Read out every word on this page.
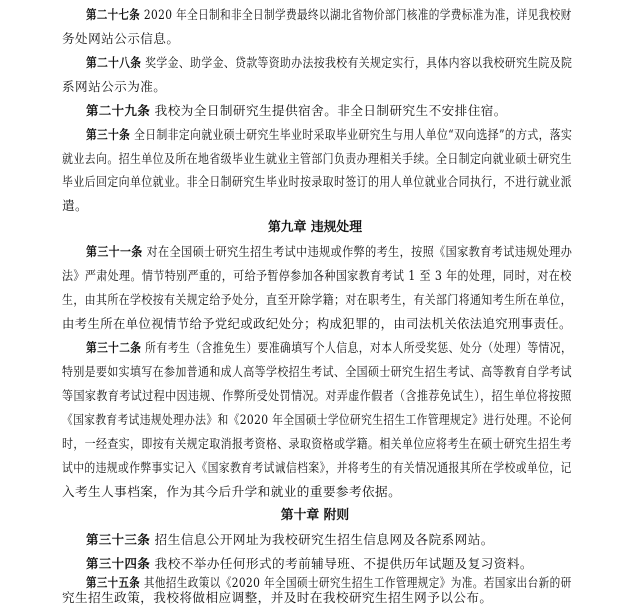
第二十七条 2020 年全日制和非全日制学费最终以湖北省物价部门核准的学费标准为准，详见我校财
务处网站公示信息。
第二十八条 奖学金、助学金、贷款等资助办法按我校有关规定实行，具体内容以我校研究生院及院
系网站公示为准。
第二十九条 我校为全日制研究生提供宿舍。非全日制研究生不安排住宿。
第三十条 全日制非定向就业硕士研究生毕业时采取毕业研究生与用人单位“双向选择”的方式，落实
就业去向。招生单位及所在地省级毕业生就业主管部门负责办理相关手续。全日制定向就业硕士研究生
毕业后回定向单位就业。非全日制研究生毕业时按录取时签订的用人单位就业合同执行，不进行就业派
遣。
第九章 违规处理
第三十一条 对在全国硕士研究生招生考试中违规或作弊的考生，按照《国家教育考试违规处理办
法》严肃处理。情节特别严重的，可给予暂停参加各种国家教育考试 1 至 3 年的处理，同时，对在校
生，由其所在学校按有关规定给予处分，直至开除学籍；对在职考生，有关部门将通知考生所在单位，
由考生所在单位视情节给予党纪或政纪处分；构成犯罪的，由司法机关依法追究刑事责任。
第三十二条 所有考生（含推免生）要准确填写个人信息，对本人所受奖惩、处分（处理）等情况，
特别是要如实填写在参加普通和成人高等学校招生考试、全国硕士研究生招生考试、高等教育自学考试
等国家教育考试过程中因违规、作弊所受处罚情况。对弄虚作假者（含推荐免试生），招生单位将按照
《国家教育考试违规处理办法》和《2020 年全国硕士学位研究生招生工作管理规定》进行处理。不论何
时，一经查实，即按有关规定取消报考资格、录取资格或学籍。相关单位应将考生在硕士研究生招生考
试中的违规或作弊事实记入《国家教育考试诚信档案》，并将考生的有关情况通报其所在学校或单位，记
入考生人事档案，作为其今后升学和就业的重要参考依据。
第十章 附则
第三十三条 招生信息公开网址为我校研究生招生信息网及各院系网站。
第三十四条 我校不举办任何形式的考前辅导班、不提供历年试题及复习资料。
第三十五条 其他招生政策以《2020 年全国硕士研究生招生工作管理规定》为准。若国家出台新的研
究生招生政策，我校将做相应调整，并及时在我校研究生招生网予以公布。
